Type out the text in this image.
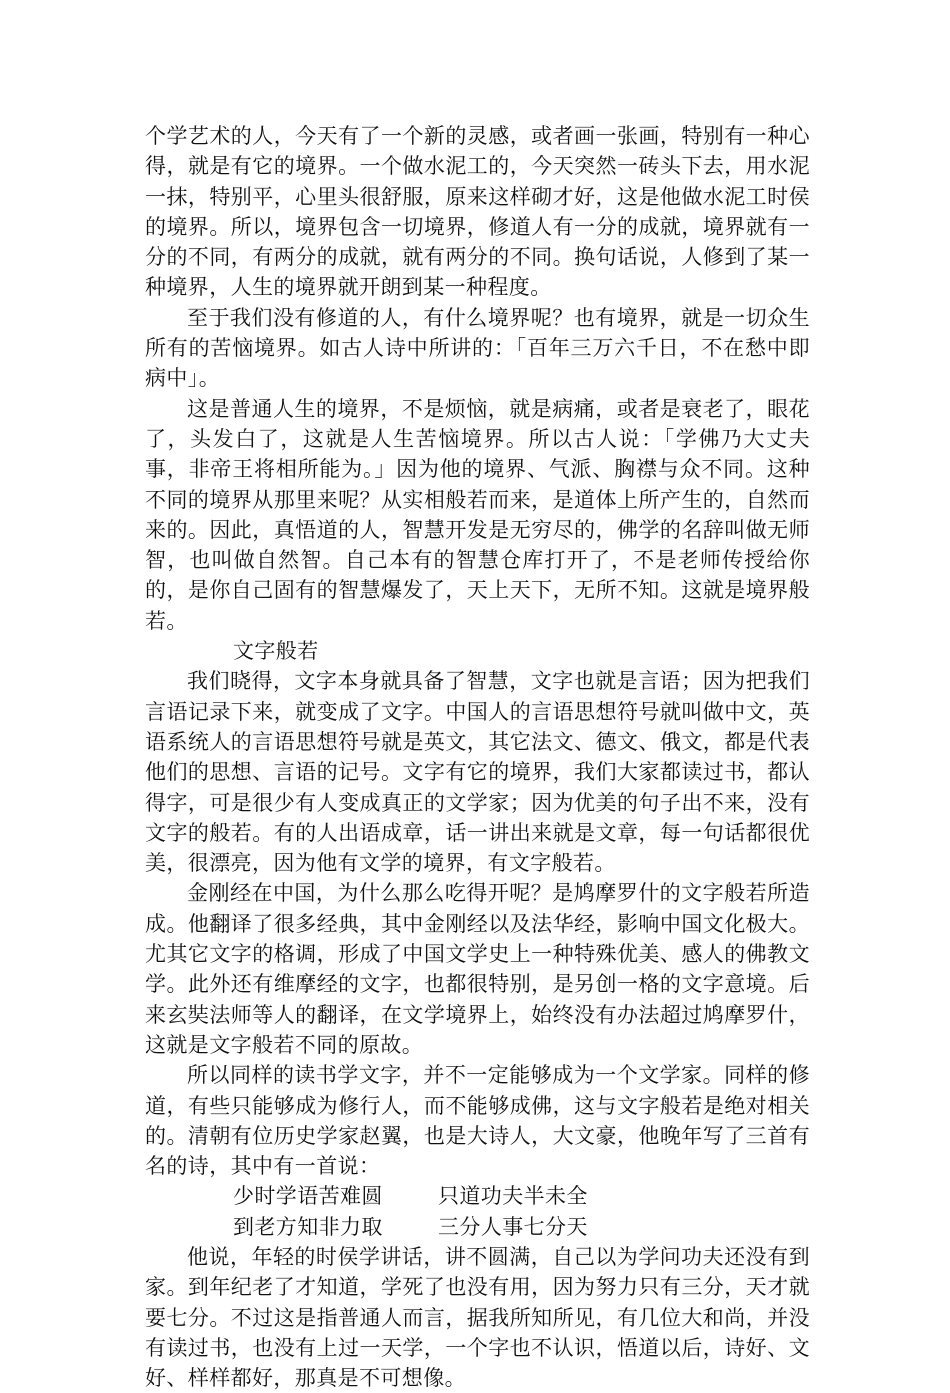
个学艺术的人，今天有了一个新的灵感，或者画一张画，特别有一种心得，就是有它的境界。一个做水泥工的，今天突然一砖头下去，用水泥一抹，特别平，心里头很舒服，原来这样砌才好，这是他做水泥工时侯的境界。所以，境界包含一切境界，修道人有一分的成就，境界就有一分的不同，有两分的成就，就有两分的不同。换句话说，人修到了某一种境界，人生的境界就开朗到某一种程度。

至于我们没有修道的人，有什么境界呢？也有境界，就是一切众生所有的苦恼境界。如古人诗中所讲的：「百年三万六千日，不在愁中即病中」。

这是普通人生的境界，不是烦恼，就是病痛，或者是衰老了，眼花了，头发白了，这就是人生苦恼境界。所以古人说：「学佛乃大丈夫事，非帝王将相所能为。」因为他的境界、气派、胸襟与众不同。这种不同的境界从那里来呢？从实相般若而来，是道体上所产生的，自然而来的。因此，真悟道的人，智慧开发是无穷尽的，佛学的名辞叫做无师智，也叫做自然智。自己本有的智慧仓库打开了，不是老师传授给你的，是你自己固有的智慧爆发了，天上天下，无所不知。这就是境界般若。

文字般若

我们晓得，文字本身就具备了智慧，文字也就是言语；因为把我们言语记录下来，就变成了文字。中国人的言语思想符号就叫做中文，英语系统人的言语思想符号就是英文，其它法文、德文、俄文，都是代表他们的思想、言语的记号。文字有它的境界，我们大家都读过书，都认得字，可是很少有人变成真正的文学家；因为优美的句子出不来，没有文字的般若。有的人出语成章，话一讲出来就是文章，每一句话都很优美，很漂亮，因为他有文学的境界，有文字般若。

金刚经在中国，为什么那么吃得开呢？是鸠摩罗什的文字般若所造成。他翻译了很多经典，其中金刚经以及法华经，影响中国文化极大。尤其它文字的格调，形成了中国文学史上一种特殊优美、感人的佛教文学。此外还有维摩经的文字，也都很特别，是另创一格的文字意境。后来玄奘法师等人的翻译，在文学境界上，始终没有办法超过鸠摩罗什，这就是文字般若不同的原故。

所以同样的读书学文字，并不一定能够成为一个文学家。同样的修道，有些只能够成为修行人，而不能够成佛，这与文字般若是绝对相关的。清朝有位历史学家赵翼，也是大诗人，大文豪，他晚年写了三首有名的诗，其中有一首说：

少时学语苦难圆	只道功夫半未全
到老方知非力取	三分人事七分天

他说，年轻的时侯学讲话，讲不圆满，自己以为学问功夫还没有到家。到年纪老了才知道，学死了也没有用，因为努力只有三分，天才就要七分。不过这是指普通人而言，据我所知所见，有几位大和尚，并没有读过书，也没有上过一天学，一个字也不认识，悟道以后，诗好、文好、样样都好，那真是不可想像。
